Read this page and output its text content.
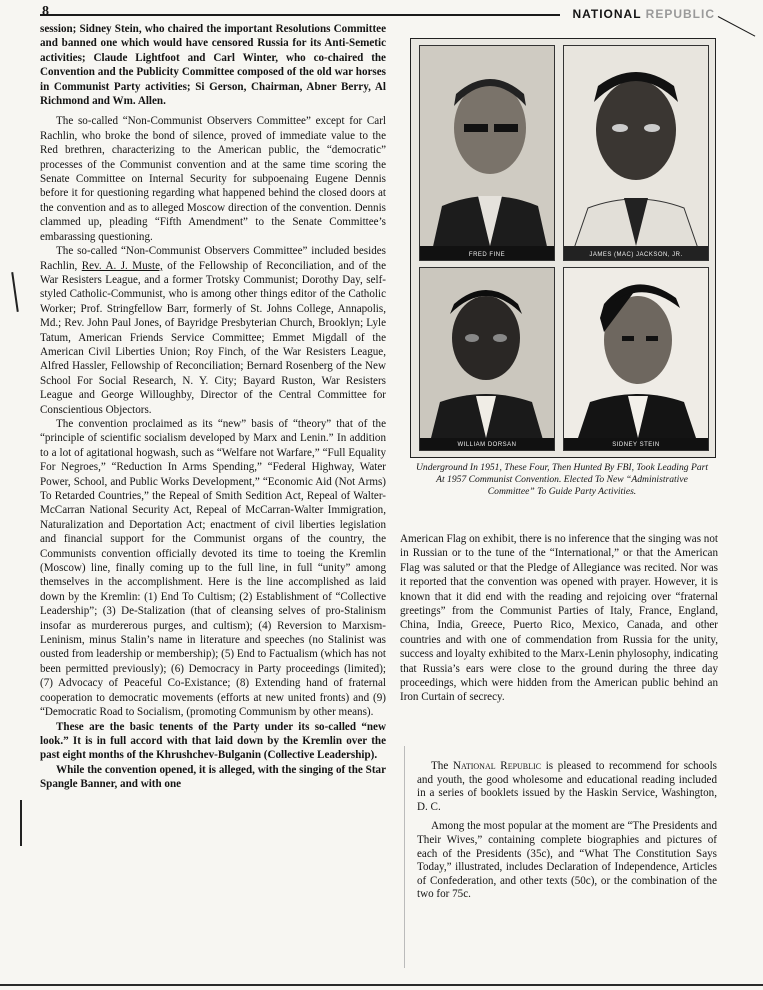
8	NATIONAL REPUBLIC

session; Sidney Stein, who chaired the important Resolutions Committee and banned one which would have censored Russia for its Anti-Semetic activities; Claude Lightfoot and Carl Winter, who co-chaired the Convention and the Publicity Committee composed of the old war horses in Communist Party activities; Si Gerson, Chairman, Abner Berry, Al Richmond and Wm. Allen.

The so-called “Non-Communist Observers Committee” except for Carl Rachlin, who broke the bond of silence, proved of immediate value to the Red brethren, characterizing to the American public, the “democratic” processes of the Communist convention and at the same time scoring the Senate Committee on Internal Security for subpoenaing Eugene Dennis before it for questioning regarding what happened behind the closed doors at the convention and as to alleged Moscow direction of the convention. Dennis clammed up, pleading “Fifth Amendment” to the Senate Committee’s embarassing questioning.

The so-called “Non-Communist Observers Committee” included besides Rachlin, Rev. A. J. Muste, of the Fellowship of Reconciliation, and of the War Resisters League, and a former Trotsky Communist; Dorothy Day, self-styled Catholic-Communist, who is among other things editor of the Catholic Worker; Prof. Stringfellow Barr, formerly of St. Johns College, Annapolis, Md.; Rev. John Paul Jones, of Bayridge Presbyterian Church, Brooklyn; Lyle Tatum, American Friends Service Committee; Emmet Migdall of the American Civil Liberties Union; Roy Finch, of the War Resisters League, Alfred Hassler, Fellowship of Reconciliation; Bernard Rosenberg of the New School For Social Research, N. Y. City; Bayard Ruston, War Resisters League and George Willoughby, Director of the Central Committee for Conscientious Objectors.

The convention proclaimed as its “new” basis of “theory” that of the “principle of scientific socialism developed by Marx and Lenin.” In addition to a lot of agitational hogwash, such as “Welfare not Warfare,” “Full Equality For Negroes,” “Reduction In Arms Spending,” “Federal Highway, Water Power, School, and Public Works Development,” “Economic Aid (Not Arms) To Retarded Countries,” the Repeal of Smith Sedition Act, Repeal of Walter-McCarran National Security Act, Repeal of McCarran-Walter Immigration, Naturalization and Deportation Act; enactment of civil liberties legislation and financial support for the Communist organs of the country, the Communists convention officially devoted its time to toeing the Kremlin (Moscow) line, finally coming up to the full line, in full “unity” among themselves in the accomplishment. Here is the line accomplished as laid down by the Kremlin: (1) End To Cultism; (2) Establishment of “Collective Leadership”; (3) De-Stalization (that of cleansing selves of pro-Stalinism insofar as murdererous purges, and cultism); (4) Reversion to Marxism-Leninism, minus Stalin’s name in literature and speeches (no Stalinist was ousted from leadership or membership); (5) End to Factualism (which has not been permitted previously); (6) Democracy in Party proceedings (limited); (7) Advocacy of Peaceful Co-Existance; (8) Extending hand of fraternal cooperation to democratic movements (efforts at new united fronts) and (9) “Democratic Road to Socialism, (promoting Communism by other means).

These are the basic tenents of the Party under its so-called “new look.” It is in full accord with that laid down by the Kremlin over the past eight months of the Khrushchev-Bulganin (Collective Leadership).

While the convention opened, it is alleged, with the singing of the Star Spangle Banner, and with one

FRED FINE	JAMES (MAC) JACKSON, JR.
WILLIAM DORSAN	SIDNEY STEIN
Underground In 1951, These Four, Then Hunted By FBI, Took Leading Part At 1957 Communist Convention. Elected To New “Administrative Committee” To Guide Party Activities.

American Flag on exhibit, there is no inference that the singing was not in Russian or to the tune of the “International,” or that the American Flag was saluted or that the Pledge of Allegiance was recited. Nor was it reported that the convention was opened with prayer. However, it is known that it did end with the reading and rejoicing over “fraternal greetings” from the Communist Parties of Italy, France, England, China, India, Greece, Puerto Rico, Mexico, Canada, and other countries and with one of commendation from Russia for the unity, success and loyalty exhibited to the Marx-Lenin phylosophy, indicating that Russia’s ears were close to the ground during the three day proceedings, which were hidden from the American public behind an Iron Curtain of secrecy.

The National Republic is pleased to recommend for schools and youth, the good wholesome and educational reading included in a series of booklets issued by the Haskin Service, Washington, D. C.

Among the most popular at the moment are “The Presidents and Their Wives,” containing complete biographies and pictures of each of the Presidents (35c), and “What The Constitution Says Today,” illustrated, includes Declaration of Independence, Articles of Confederation, and other texts (50c), or the combination of the two for 75c.
